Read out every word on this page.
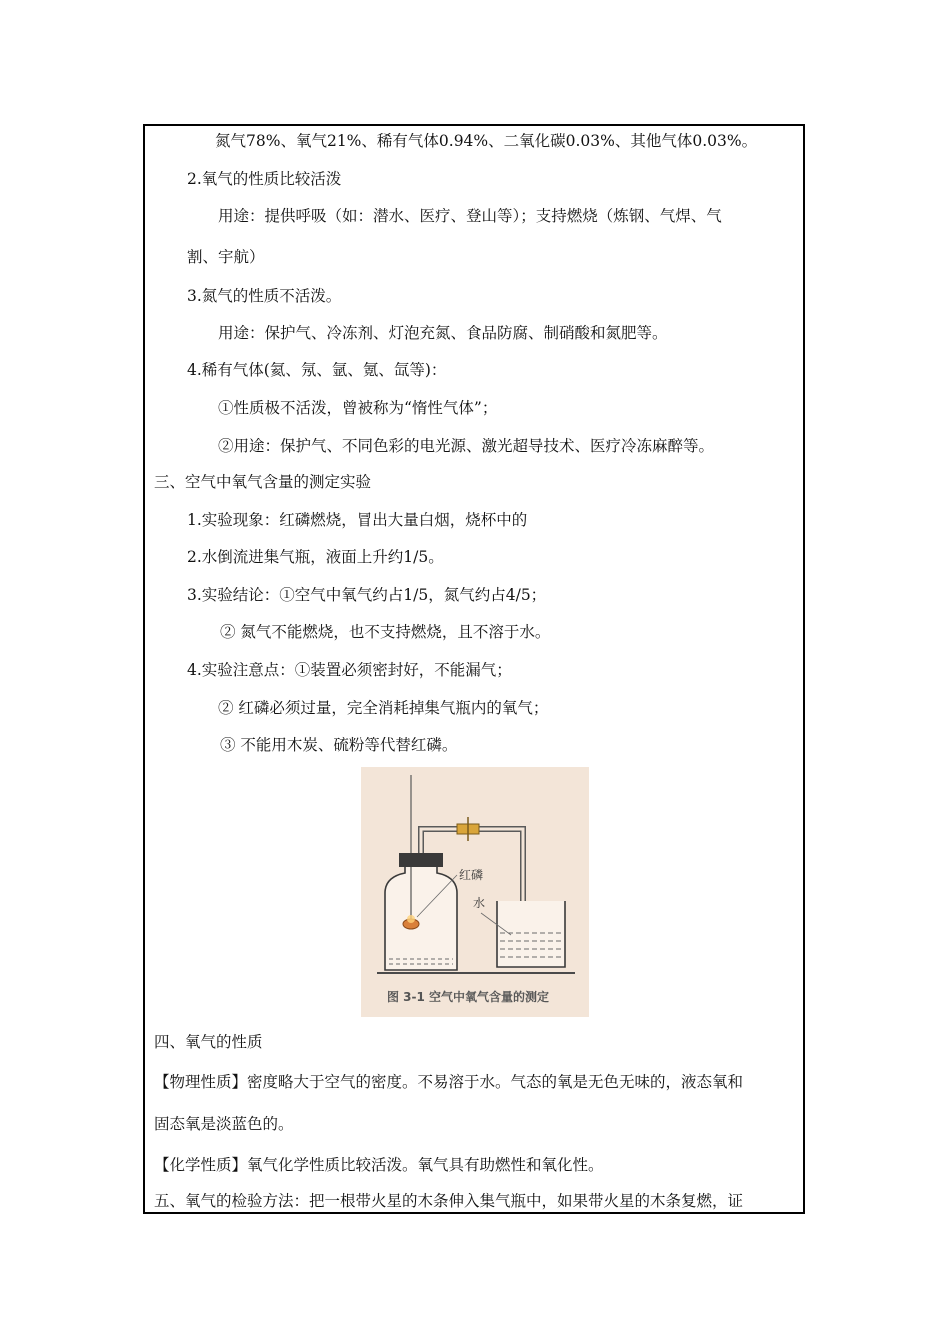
氮气78%、氧气21%、稀有气体0.94%、二氧化碳0.03%、其他气体0.03%。
2.氧气的性质比较活泼
用途：提供呼吸（如：潜水、医疗、登山等）；支持燃烧（炼钢、气焊、气
割、宇航）
3.氮气的性质不活泼。
用途：保护气、冷冻剂、灯泡充氮、食品防腐、制硝酸和氮肥等。
4.稀有气体(氦、氖、氩、氪、氙等)：
①性质极不活泼，曾被称为“惰性气体”；
②用途：保护气、不同色彩的电光源、激光超导技术、医疗冷冻麻醉等。
三、空气中氧气含量的测定实验
1.实验现象：红磷燃烧，冒出大量白烟，烧杯中的
2.水倒流进集气瓶，液面上升约1/5。
3.实验结论：①空气中氧气约占1/5，氮气约占4/5；
② 氮气不能燃烧，也不支持燃烧，且不溶于水。
4.实验注意点：①装置必须密封好，不能漏气；
② 红磷必须过量，完全消耗掉集气瓶内的氧气；
③ 不能用木炭、硫粉等代替红磷。
红磷
水
图 3-1 空气中氧气含量的测定
四、氧气的性质
【物理性质】密度略大于空气的密度。不易溶于水。气态的氧是无色无味的，液态氧和
固态氧是淡蓝色的。
【化学性质】氧气化学性质比较活泼。氧气具有助燃性和氧化性。
五、氧气的检验方法：把一根带火星的木条伸入集气瓶中，如果带火星的木条复燃，证
